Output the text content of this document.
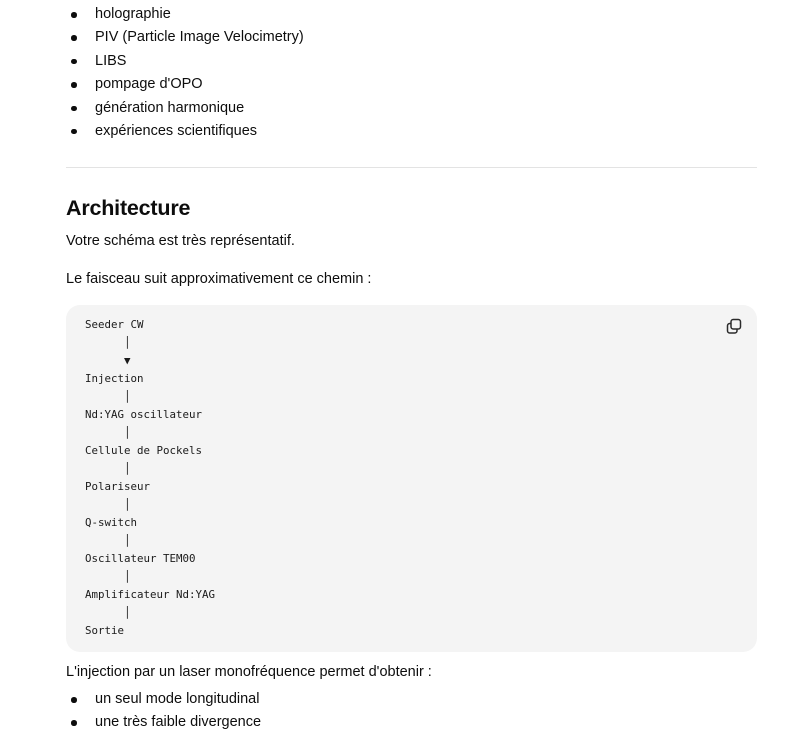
holographie
PIV (Particle Image Velocimetry)
LIBS
pompage d'OPO
génération harmonique
expériences scientifiques
Architecture

Votre schéma est très représentatif.

Le faisceau suit approximativement ce chemin :

Seeder CW
│
▼
Injection
│
Nd:YAG oscillateur
│
Cellule de Pockels
│
Polariseur
│
Q-switch
│
Oscillateur TEM00
│
Amplificateur Nd:YAG
│
Sortie

L'injection par un laser monofréquence permet d'obtenir :

un seul mode longitudinal
une très faible divergence
